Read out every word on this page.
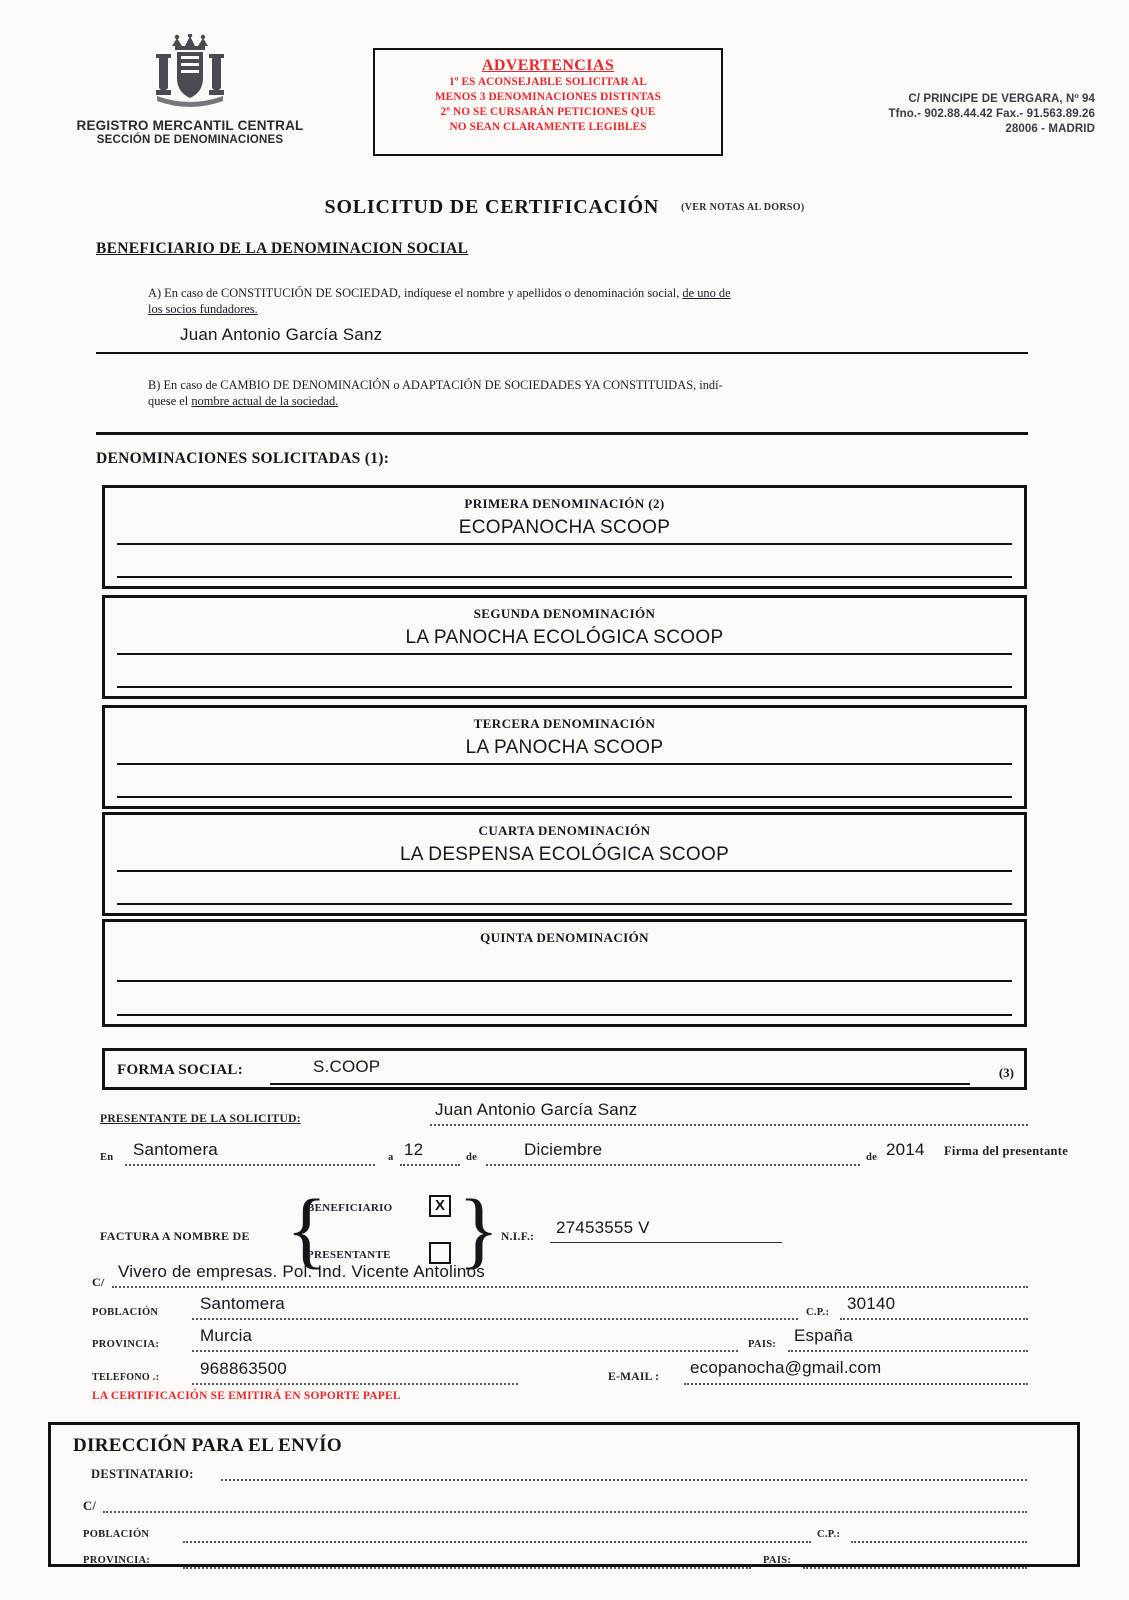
REGISTRO MERCANTIL CENTRAL
SECCIÓN DE DENOMINACIONES
ADVERTENCIAS
1º ES ACONSEJABLE SOLICITAR AL
MENOS 3 DENOMINACIONES DISTINTAS
2º NO SE CURSARÁN PETICIONES QUE
NO SEAN CLARAMENTE LEGIBLES
C/ PRINCIPE DE VERGARA, Nº 94
Tfno.- 902.88.44.42 Fax.- 91.563.89.26
28006 - MADRID
SOLICITUD DE CERTIFICACIÓN (VER NOTAS AL DORSO)
BENEFICIARIO DE LA DENOMINACION SOCIAL
A) En caso de CONSTITUCIÓN DE SOCIEDAD, indíquese el nombre y apellidos o denominación social, de uno de
los socios fundadores.
Juan Antonio García Sanz
B) En caso de CAMBIO DE DENOMINACIÓN o ADAPTACIÓN DE SOCIEDADES YA CONSTITUIDAS, indí-
quese el nombre actual de la sociedad.
DENOMINACIONES SOLICITADAS (1):
PRIMERA DENOMINACIÓN (2)
ECOPANOCHA SCOOP
SEGUNDA DENOMINACIÓN
LA PANOCHA ECOLÓGICA SCOOP
TERCERA DENOMINACIÓN
LA PANOCHA SCOOP
CUARTA DENOMINACIÓN
LA DESPENSA ECOLÓGICA SCOOP
QUINTA DENOMINACIÓN
FORMA SOCIAL:	S.COOP	(3)
PRESENTANTE DE LA SOLICITUD:	Juan Antonio García Sanz
En Santomera	a 12	de	Diciembre	de 2014 Firma del presentante
FACTURA A NOMBRE DE { }
BENEFICIARIO	X
PRESENTANTE
N.I.F.: 27453555 V
C/
Vivero de empresas. Pol. Ind. Vicente Antolinos
POBLACIÓN Santomera	C.P.: 30140
PROVINCIA: Murcia	PAIS: España
TELEFONO .: 968863500	E-MAIL : ecopanocha@gmail.com
LA CERTIFICACIÓN SE EMITIRÁ EN SOPORTE PAPEL
DIRECCIÓN PARA EL ENVÍO
DESTINATARIO:
C/
POBLACIÓN	C.P.:
PROVINCIA:	PAIS:
